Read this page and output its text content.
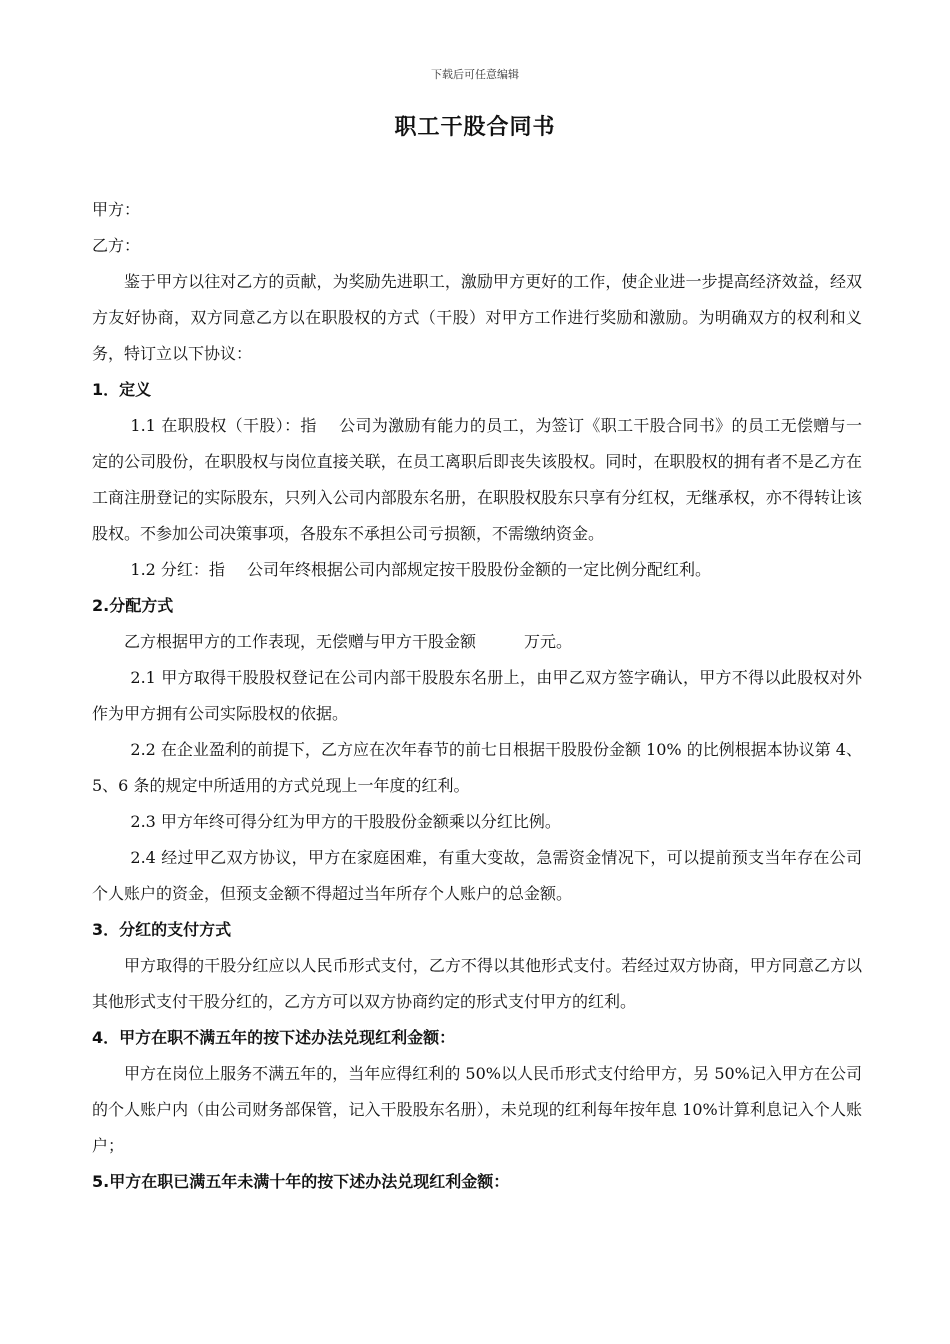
下载后可任意编辑
职工干股合同书
甲方：
乙方：
鉴于甲方以往对乙方的贡献，为奖励先进职工，激励甲方更好的工作，使企业进一步提高经济效益，经双方友好协商，双方同意乙方以在职股权的方式（干股）对甲方工作进行奖励和激励。为明确双方的权利和义务，特订立以下协议：
1．定义
1.1 在职股权（干股）：指 公司为激励有能力的员工，为签订《职工干股合同书》的员工无偿赠与一定的公司股份，在职股权与岗位直接关联，在员工离职后即丧失该股权。同时，在职股权的拥有者不是乙方在工商注册登记的实际股东，只列入公司内部股东名册，在职股权股东只享有分红权，无继承权，亦不得转让该股权。不参加公司决策事项，各股东不承担公司亏损额，不需缴纳资金。
1.2 分红：指 公司年终根据公司内部规定按干股股份金额的一定比例分配红利。
2.分配方式
乙方根据甲方的工作表现，无偿赠与甲方干股金额	万元。
2.1 甲方取得干股股权登记在公司内部干股股东名册上，由甲乙双方签字确认，甲方不得以此股权对外作为甲方拥有公司实际股权的依据。
2.2 在企业盈利的前提下，乙方应在次年春节的前七日根据干股股份金额 10% 的比例根据本协议第 4、5、6 条的规定中所适用的方式兑现上一年度的红利。
2.3 甲方年终可得分红为甲方的干股股份金额乘以分红比例。
2.4 经过甲乙双方协议，甲方在家庭困难，有重大变故，急需资金情况下，可以提前预支当年存在公司个人账户的资金，但预支金额不得超过当年所存个人账户的总金额。
3．分红的支付方式
甲方取得的干股分红应以人民币形式支付，乙方不得以其他形式支付。若经过双方协商，甲方同意乙方以其他形式支付干股分红的，乙方方可以双方协商约定的形式支付甲方的红利。
4．甲方在职不满五年的按下述办法兑现红利金额：
甲方在岗位上服务不满五年的，当年应得红利的 50%以人民币形式支付给甲方，另 50%记入甲方在公司的个人账户内（由公司财务部保管，记入干股股东名册），未兑现的红利每年按年息 10%计算利息记入个人账户；
5.甲方在职已满五年未满十年的按下述办法兑现红利金额：
